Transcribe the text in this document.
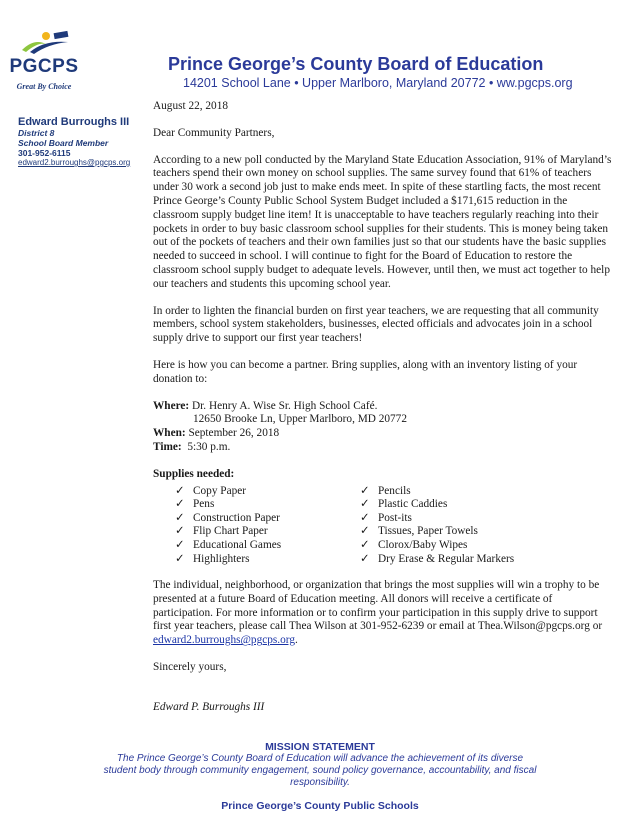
PGCPS
Great By Choice
Prince George’s County Board of Education
14201 School Lane • Upper Marlboro, Maryland 20772 • ww.pgcps.org
Edward Burroughs III
District 8
School Board Member
301-952-6115
edward2.burroughs@pgcps.org

August 22, 2018

Dear Community Partners,

According to a new poll conducted by the Maryland State Education Association, 91% of Maryland’s teachers spend their own money on school supplies. The same survey found that 61% of teachers under 30 work a second job just to make ends meet. In spite of these startling facts, the most recent Prince George’s County Public School System Budget included a $171,615 reduction in the classroom supply budget line item! It is unacceptable to have teachers regularly reaching into their pockets in order to buy basic classroom school supplies for their students. This is money being taken out of the pockets of teachers and their own families just so that our students have the basic supplies needed to succeed in school. I will continue to fight for the Board of Education to restore the classroom school supply budget to adequate levels. However, until then, we must act together to help our teachers and students this upcoming school year.

In order to lighten the financial burden on first year teachers, we are requesting that all community members, school system stakeholders, businesses, elected officials and advocates join in a school supply drive to support our first year teachers!

Here is how you can become a partner. Bring supplies, along with an inventory listing of your donation to:

Where:
Dr. Henry A. Wise Sr. High School Café.
12650 Brooke Ln, Upper Marlboro, MD 20772
When:
September 26, 2018
Time:
5:30 p.m.

Supplies needed:

✓ Copy Paper
✓ Pens
✓ Construction Paper
✓ Flip Chart Paper
✓ Educational Games
✓ Highlighters
✓ Pencils
✓ Plastic Caddies
✓ Post-its
✓ Tissues, Paper Towels
✓ Clorox/Baby Wipes
✓ Dry Erase & Regular Markers

The individual, neighborhood, or organization that brings the most supplies will win a trophy to be presented at a future Board of Education meeting. All donors will receive a certificate of participation. For more information or to confirm your participation in this supply drive to support first year teachers, please call Thea Wilson at 301-952-6239 or email at Thea.Wilson@pgcps.org or edward2.burroughs@pgcps.org.

Sincerely yours,

Edward P. Burroughs III

MISSION STATEMENT
The Prince George’s County Board of Education will advance the achievement of its diverse student body through community engagement, sound policy governance, accountability, and fiscal responsibility.
Prince George’s County Public Schools
